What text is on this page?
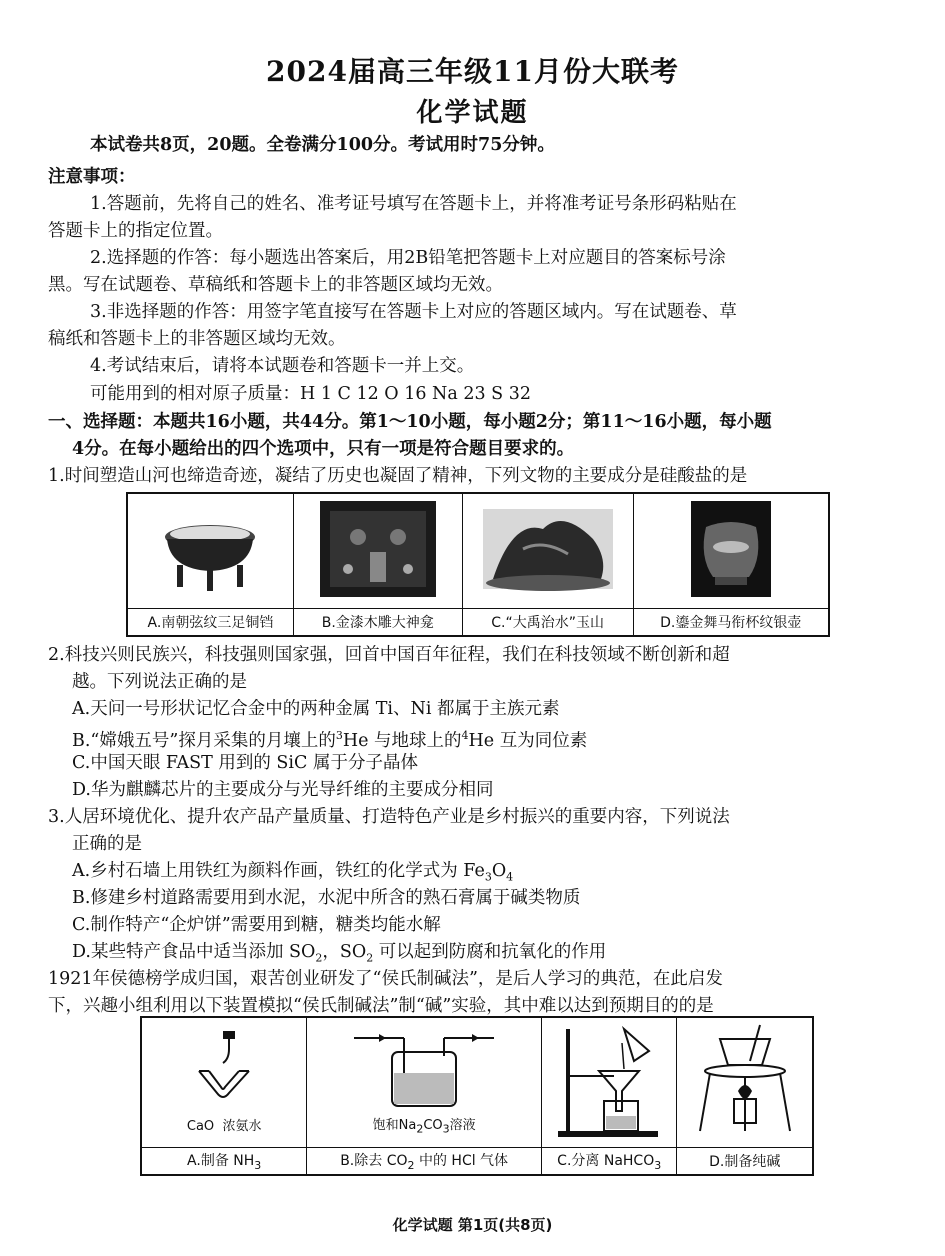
2024届高三年级11月份大联考
化学试题
本试卷共8页，20题。全卷满分100分。考试用时75分钟。
注意事项：
1.答题前，先将自己的姓名、准考证号填写在答题卡上，并将准考证号条形码粘贴在
答题卡上的指定位置。
2.选择题的作答：每小题选出答案后，用2B铅笔把答题卡上对应题目的答案标号涂
黑。写在试题卷、草稿纸和答题卡上的非答题区域均无效。
3.非选择题的作答：用签字笔直接写在答题卡上对应的答题区域内。写在试题卷、草
稿纸和答题卡上的非答题区域均无效。
4.考试结束后，请将本试题卷和答题卡一并上交。
可能用到的相对原子质量：H 1 C 12 O 16 Na 23 S 32
一、选择题：本题共16小题，共44分。第1～10小题，每小题2分；第11～16小题，每小题
4分。在每小题给出的四个选项中，只有一项是符合题目要求的。
1.时间塑造山河也缔造奇迹，凝结了历史也凝固了精神，下列文物的主要成分是硅酸盐的是

A.南朝弦纹三足铜铛	B.金漆木雕大神龛	C.“大禹治水”玉山	D.鎏金舞马衔杯纹银壶
2.科技兴则民族兴，科技强则国家强，回首中国百年征程，我们在科技领域不断创新和超
越。下列说法正确的是
A.天问一号形状记忆合金中的两种金属 Ti、Ni 都属于主族元素
B.“嫦娥五号”探月采集的月壤上的$^3$He 与地球上的$^4$He 互为同位素
C.中国天眼 FAST 用到的 SiC 属于分子晶体
D.华为麒麟芯片的主要成分与光导纤维的主要成分相同
3.人居环境优化、提升农产品产量质量、打造特色产业是乡村振兴的重要内容，下列说法
正确的是
A.乡村石墙上用铁红为颜料作画，铁红的化学式为 $Fe_3O_4$
B.修建乡村道路需要用到水泥，水泥中所含的熟石膏属于碱类物质
C.制作特产“企炉饼”需要用到糖，糖类均能水解
D.某些特产食品中适当添加 $SO_2$，$SO_2$ 可以起到防腐和抗氧化的作用
1921年侯德榜学成归国，艰苦创业研发了“侯氏制碱法”，是后人学习的典范，在此启发
下，兴趣小组利用以下装置模拟“侯氏制碱法”制“碱”实验，其中难以达到预期目的的是
CaO 浓氨水	饱和$Na_2CO_3$溶液

A.制备 $NH_3$	B.除去 $CO_2$ 中的 HCl 气体	C.分离 NaHCO$_3$	D.制备纯碱
化学试题 第1页(共8页)
